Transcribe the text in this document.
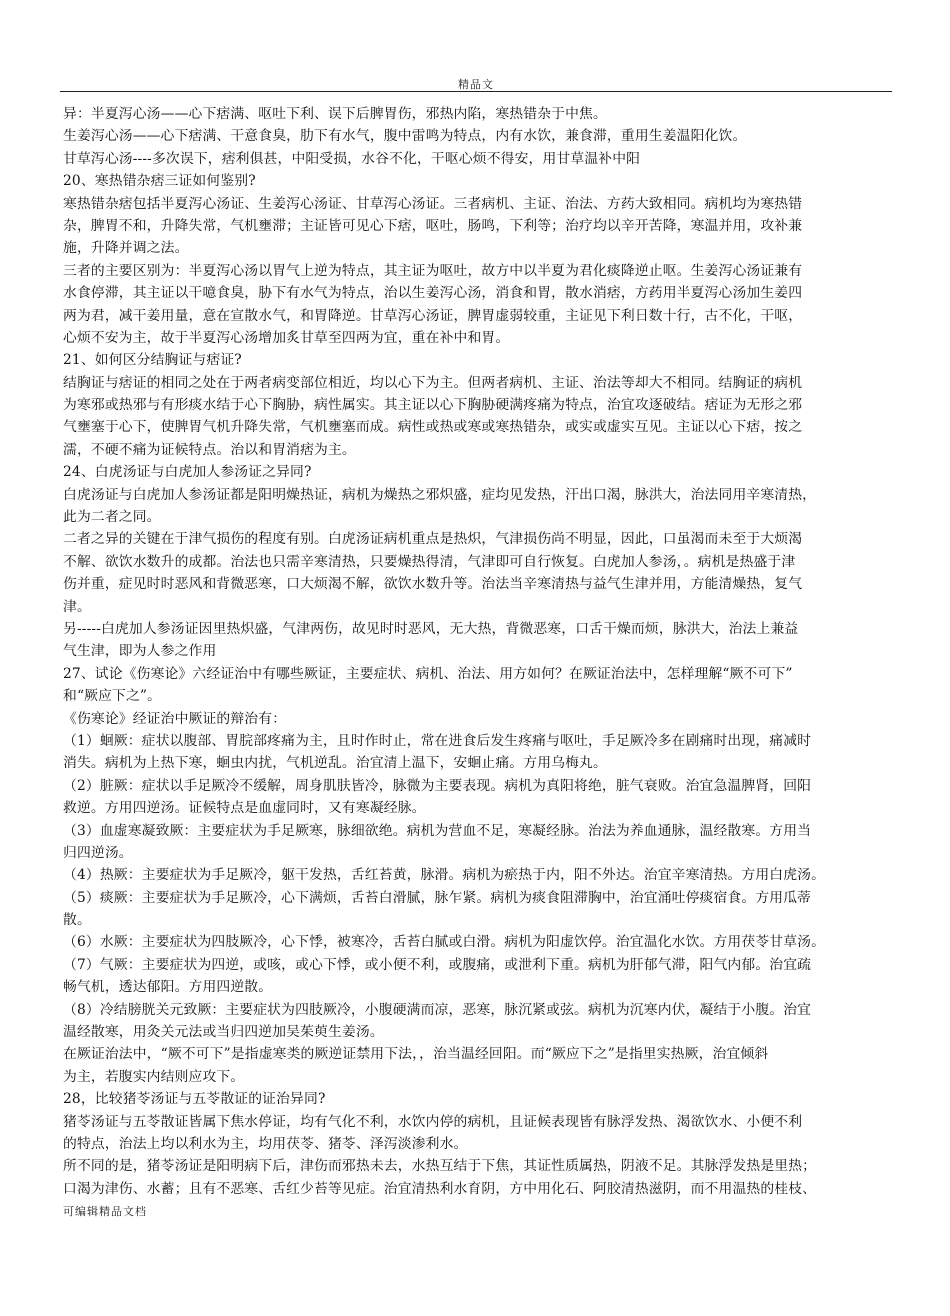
精品文
异：半夏泻心汤——心下痞满、呕吐下利、误下后脾胃伤，邪热内陷，寒热错杂于中焦。
生姜泻心汤——心下痞满、干意食臭，肋下有水气，腹中雷鸣为特点，内有水饮，兼食滞，重用生姜温阳化饮。
甘草泻心汤----多次误下，痞利俱甚，中阳受损，水谷不化，干呕心烦不得安，用甘草温补中阳
20、寒热错杂痞三证如何鉴别?
寒热错杂痞包括半夏泻心汤证、生姜泻心汤证、甘草泻心汤证。三者病机、主证、治法、方药大致相同。病机均为寒热错
杂，脾胃不和，升降失常，气机壅滞；主证皆可见心下痞，呕吐，肠鸣，下利等；治疗均以辛开苦降，寒温并用，攻补兼
施，升降并调之法。
三者的主要区别为：半夏泻心汤以胃气上逆为特点，其主证为呕吐，故方中以半夏为君化痰降逆止呕。生姜泻心汤证兼有
水食停滞，其主证以干噫食臭，胁下有水气为特点，治以生姜泻心汤，消食和胃，散水消痞，方药用半夏泻心汤加生姜四
两为君，减干姜用量，意在宣散水气，和胃降逆。甘草泻心汤证，脾胃虚弱较重，主证见下利日数十行，古不化，干呕，
心烦不安为主，故于半夏泻心汤增加炙甘草至四两为宜，重在补中和胃。
21、如何区分结胸证与痞证?
结胸证与痞证的相同之处在于两者病变部位相近，均以心下为主。但两者病机、主证、治法等却大不相同。结胸证的病机
为寒邪或热邪与有形痰水结于心下胸胁，病性属实。其主证以心下胸胁硬满疼痛为特点，治宜攻逐破结。痞证为无形之邪
气壅塞于心下，使脾胃气机升降失常，气机壅塞而成。病性或热或寒或寒热错杂，或实或虚实互见。主证以心下痞，按之
濡，不硬不痛为证候特点。治以和胃消痞为主。
24、白虎汤证与白虎加人参汤证之异同?
白虎汤证与白虎加人参汤证都是阳明燥热证，病机为燥热之邪炽盛，症均见发热，汗出口渴，脉洪大，治法同用辛寒清热，
此为二者之同。
二者之异的关键在于津气损伤的程度有别。白虎汤证病机重点是热炽，气津损伤尚不明显，因此，口虽渴而未至于大烦渴
不解、欲饮水数升的成都。治法也只需辛寒清热，只要燥热得清，气津即可自行恢复。白虎加人参汤，。病机是热盛于津
伤并重，症见时时恶风和背微恶寒，口大烦渴不解，欲饮水数升等。治法当辛寒清热与益气生津并用，方能清燥热，复气
津。
另-----白虎加人参汤证因里热炽盛，气津两伤，故见时时恶风，无大热，背微恶寒，口舌干燥而烦，脉洪大，治法上兼益
气生津，即为人参之作用
27、试论《伤寒论》六经证治中有哪些厥证，主要症状、病机、治法、用方如何？在厥证治法中，怎样理解“厥不可下”
和“厥应下之”。
《伤寒论》经证治中厥证的辩治有：
（1）蛔厥：症状以腹部、胃脘部疼痛为主，且时作时止，常在进食后发生疼痛与呕吐，手足厥冷多在剧痛时出现，痛减时
消失。病机为上热下寒，蛔虫内扰，气机逆乱。治宜清上温下，安蛔止痛。方用乌梅丸。
（2）脏厥：症状以手足厥冷不缓解，周身肌肤皆冷，脉微为主要表现。病机为真阳将绝，脏气衰败。治宜急温脾肾，回阳
救逆。方用四逆汤。证候特点是血虚同时，又有寒凝经脉。
（3）血虚寒凝致厥：主要症状为手足厥寒，脉细欲绝。病机为营血不足，寒凝经脉。治法为养血通脉，温经散寒。方用当
归四逆汤。
（4）热厥：主要症状为手足厥冷，躯干发热，舌红苔黄，脉滑。病机为瘀热于内，阳不外达。治宜辛寒清热。方用白虎汤。
（5）痰厥：主要症状为手足厥冷，心下满烦，舌苔白滑腻，脉乍紧。病机为痰食阻滞胸中，治宜涌吐停痰宿食。方用瓜蒂
散。
（6）水厥：主要症状为四肢厥冷，心下悸，被寒冷，舌苔白腻或白滑。病机为阳虚饮停。治宜温化水饮。方用茯苓甘草汤。
（7）气厥：主要症状为四逆，或咳，或心下悸，或小便不利，或腹痛，或泄利下重。病机为肝郁气滞，阳气内郁。治宜疏
畅气机，透达郁阳。方用四逆散。
（8）冷结膀胱关元致厥：主要症状为四肢厥冷，小腹硬满而凉，恶寒，脉沉紧或弦。病机为沉寒内伏，凝结于小腹。治宜
温经散寒，用灸关元法或当归四逆加吴茱萸生姜汤。
在厥证治法中，“厥不可下”是指虚寒类的厥逆证禁用下法，，治当温经回阳。而“厥应下之”是指里实热厥，治宜倾斜
为主，若腹实内结则应攻下。
28，比较猪苓汤证与五苓散证的证治异同?
猪苓汤证与五苓散证皆属下焦水停证，均有气化不利，水饮内停的病机，且证候表现皆有脉浮发热、渴欲饮水、小便不利
的特点，治法上均以利水为主，均用茯苓、猪苓、泽泻淡渗利水。
所不同的是，猪苓汤证是阳明病下后，津伤而邪热未去，水热互结于下焦，其证性质属热，阴液不足。其脉浮发热是里热；
口渴为津伤、水蓄；且有不恶寒、舌红少苔等见症。治宜清热利水育阴，方中用化石、阿胶清热滋阴，而不用温热的桂枝、
可编辑精品文档
